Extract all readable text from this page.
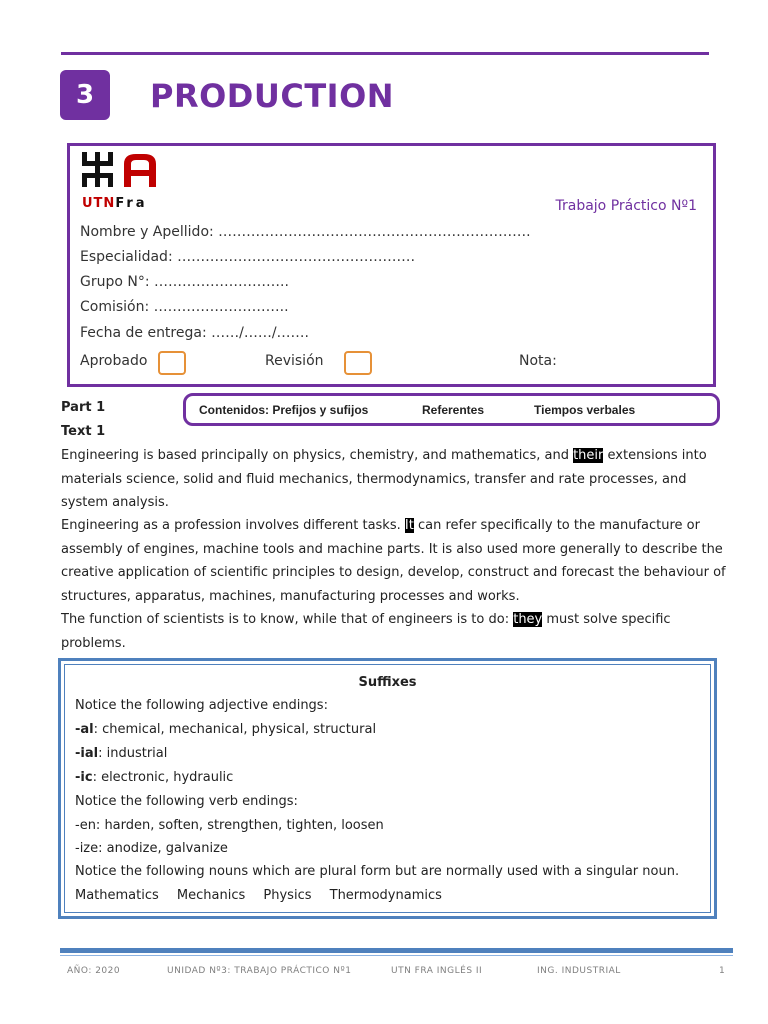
3 PRODUCTION
UTNFra	Trabajo Práctico Nº1
Nombre y Apellido: ………………………………………………………….
Especialidad: ……………………………………………
Grupo N°: ………………………..
Comisión: ………………………..
Fecha de entrega: ……/……/…….
Aprobado	Revisión	Nota:
Part 1
Text 1
Contenidos: Prefijos y sufijos	Referentes	Tiempos verbales
Engineering is based principally on physics, chemistry, and mathematics, and their extensions into materials science, solid and fluid mechanics, thermodynamics, transfer and rate processes, and system analysis.
Engineering as a profession involves different tasks. It can refer specifically to the manufacture or assembly of engines, machine tools and machine parts. It is also used more generally to describe the creative application of scientific principles to design, develop, construct and forecast the behaviour of structures, apparatus, machines, manufacturing processes and works.
The function of scientists is to know, while that of engineers is to do: they must solve specific problems.
Suffixes
Notice the following adjective endings:
-al: chemical, mechanical, physical, structural
-ial: industrial
-ic: electronic, hydraulic
Notice the following verb endings:
-en: harden, soften, strengthen, tighten, loosen
-ize: anodize, galvanize
Notice the following nouns which are plural form but are normally used with a singular noun.
Mathematics Mechanics Physics Thermodynamics
AÑO: 2020	UNIDAD Nº3: TRABAJO PRÁCTICO Nº1	UTN FRA INGLÉS II	ING. INDUSTRIAL	1
